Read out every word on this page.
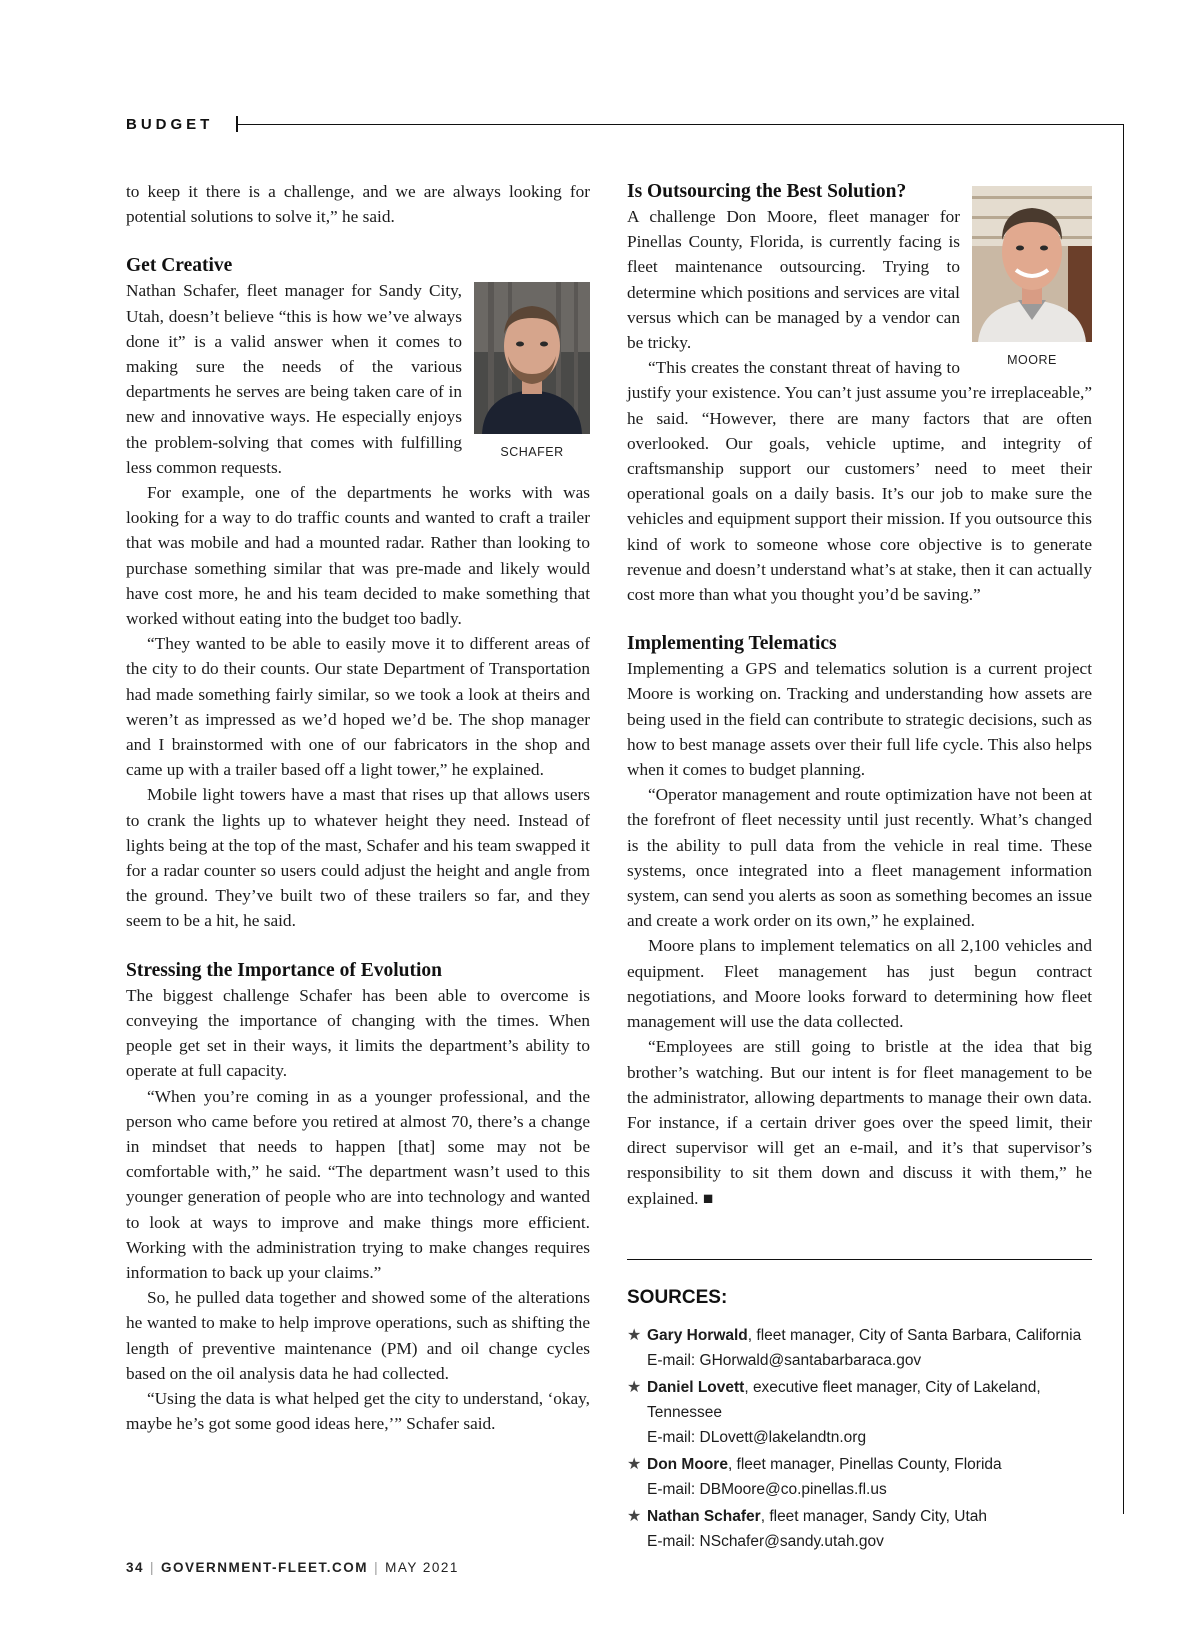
BUDGET

to keep it there is a challenge, and we are always looking for potential solutions to solve it,” he said.

Get Creative
SCHAFER

Nathan Schafer, fleet manager for Sandy City, Utah, doesn’t believe “this is how we’ve always done it” is a valid answer when it comes to making sure the needs of the various departments he serves are being taken care of in new and innovative ways. He especially enjoys the problem-solving that comes with fulfilling less common requests.

For example, one of the departments he works with was looking for a way to do traffic counts and wanted to craft a trailer that was mobile and had a mounted radar. Rather than looking to purchase something similar that was pre-made and likely would have cost more, he and his team decided to make something that worked without eating into the budget too badly.

“They wanted to be able to easily move it to different areas of the city to do their counts. Our state Department of Transportation had made something fairly similar, so we took a look at theirs and weren’t as impressed as we’d hoped we’d be. The shop manager and I brainstormed with one of our fabricators in the shop and came up with a trailer based off a light tower,” he explained.

Mobile light towers have a mast that rises up that allows users to crank the lights up to whatever height they need. Instead of lights being at the top of the mast, Schafer and his team swapped it for a radar counter so users could adjust the height and angle from the ground. They’ve built two of these trailers so far, and they seem to be a hit, he said.

Stressing the Importance of Evolution

The biggest challenge Schafer has been able to overcome is conveying the importance of changing with the times. When people get set in their ways, it limits the department’s ability to operate at full capacity.

“When you’re coming in as a younger professional, and the person who came before you retired at almost 70, there’s a change in mindset that needs to happen [that] some may not be comfortable with,” he said. “The department wasn’t used to this younger generation of people who are into technology and wanted to look at ways to improve and make things more efficient. Working with the administration trying to make changes requires information to back up your claims.”

So, he pulled data together and showed some of the alterations he wanted to make to help improve operations, such as shifting the length of preventive maintenance (PM) and oil change cycles based on the oil analysis data he had collected.

“Using the data is what helped get the city to understand, ‘okay, maybe he’s got some good ideas here,’” Schafer said.

Is Outsourcing the Best Solution?
MOORE

A challenge Don Moore, fleet manager for Pinellas County, Florida, is currently facing is fleet maintenance outsourcing. Trying to determine which positions and services are vital versus which can be managed by a vendor can be tricky.

“This creates the constant threat of having to justify your existence. You can’t just assume you’re irreplaceable,” he said. “However, there are many factors that are often overlooked. Our goals, vehicle uptime, and integrity of craftsmanship support our customers’ need to meet their operational goals on a daily basis. It’s our job to make sure the vehicles and equipment support their mission. If you outsource this kind of work to someone whose core objective is to generate revenue and doesn’t understand what’s at stake, then it can actually cost more than what you thought you’d be saving.”

Implementing Telematics

Implementing a GPS and telematics solution is a current project Moore is working on. Tracking and understanding how assets are being used in the field can contribute to strategic decisions, such as how to best manage assets over their full life cycle. This also helps when it comes to budget planning.

“Operator management and route optimization have not been at the forefront of fleet necessity until just recently. What’s changed is the ability to pull data from the vehicle in real time. These systems, once integrated into a fleet management information system, can send you alerts as soon as something becomes an issue and create a work order on its own,” he explained.

Moore plans to implement telematics on all 2,100 vehicles and equipment. Fleet management has just begun contract negotiations, and Moore looks forward to determining how fleet management will use the data collected.

“Employees are still going to bristle at the idea that big brother’s watching. But our intent is for fleet management to be the administrator, allowing departments to manage their own data. For instance, if a certain driver goes over the speed limit, their direct supervisor will get an e-mail, and it’s that supervisor’s responsibility to sit them down and discuss it with them,” he explained. ■

SOURCES:
★ Gary Horwald, fleet manager, City of Santa Barbara, California
E-mail: GHorwald@santabarbaraca.gov
★ Daniel Lovett, executive fleet manager, City of Lakeland, Tennessee
E-mail: DLovett@lakelandtn.org
★ Don Moore, fleet manager, Pinellas County, Florida
E-mail: DBMoore@co.pinellas.fl.us
★ Nathan Schafer, fleet manager, Sandy City, Utah
E-mail: NSchafer@sandy.utah.gov
34 | GOVERNMENT-FLEET.COM | MAY 2021
